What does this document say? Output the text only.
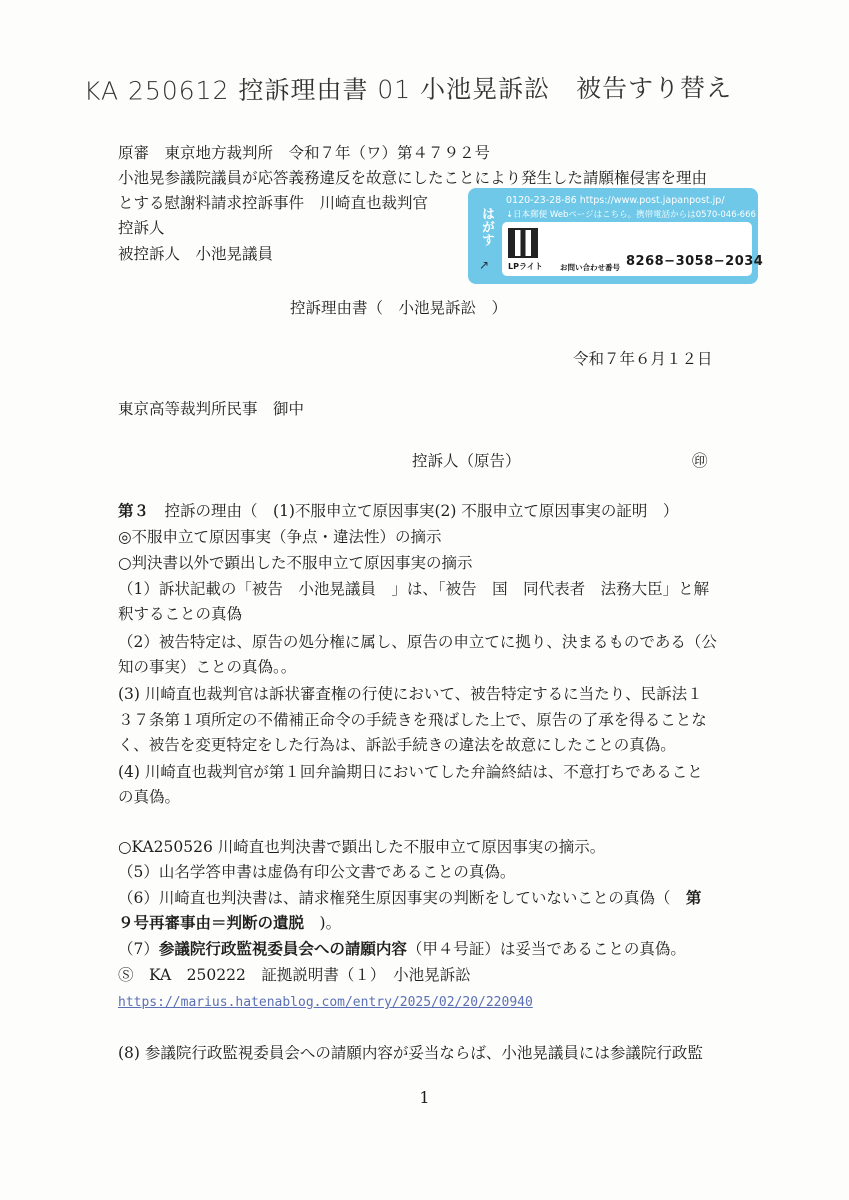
KA 250612 控訴理由書 01 小池晃訴訟　被告すり替え
原審　東京地方裁判所　令和７年（ワ）第４７９２号
小池晃参議院議員が応答義務違反を故意にしたことにより発生した請願権侵害を理由
とする慰謝料請求控訴事件　川崎直也裁判官
控訴人
被控訴人　小池晃議員
はがす
↗
0120-23-28-86 https://www.post.japanpost.jp/
↓日本郵便 Webページはこちら。携帯電話からは0570-046-666
LPライト お問い合わせ番号 8268−3058−2034
控訴理由書（　小池晃訴訟　）
令和７年６月１２日
東京高等裁判所民事　御中
控訴人（原告）	㊞
第３　控訴の理由（　(1)不服申立て原因事実(2) 不服申立て原因事実の証明　）
◎不服申立て原因事実（争点・違法性）の摘示
○判決書以外で顕出した不服申立て原因事実の摘示
（1）訴状記載の「被告　小池晃議員　」は、「被告　国　同代表者　法務大臣」と解
釈することの真偽
（2）被告特定は、原告の処分権に属し、原告の申立てに拠り、決まるものである（公
知の事実）ことの真偽。。
(3) 川崎直也裁判官は訴状審査権の行使において、被告特定するに当たり、民訴法１
３７条第１項所定の不備補正命令の手続きを飛ばした上で、原告の了承を得ることな
く、被告を変更特定をした行為は、訴訟手続きの違法を故意にしたことの真偽。
(4) 川崎直也裁判官が第１回弁論期日においてした弁論終結は、不意打ちであること
の真偽。
○KA250526 川崎直也判決書で顕出した不服申立て原因事実の摘示。
（5）山名学答申書は虚偽有印公文書であることの真偽。
（6）川崎直也判決書は、請求権発生原因事実の判断をしていないことの真偽（　第
９号再審事由＝判断の遺脱　)。
（7）参議院行政監視委員会への請願内容（甲４号証）は妥当であることの真偽。
Ⓢ　KA　250222　証拠説明書（１）　小池晃訴訟
https://marius.hatenablog.com/entry/2025/02/20/220940
(8) 参議院行政監視委員会への請願内容が妥当ならば、小池晃議員には参議院行政監
1
